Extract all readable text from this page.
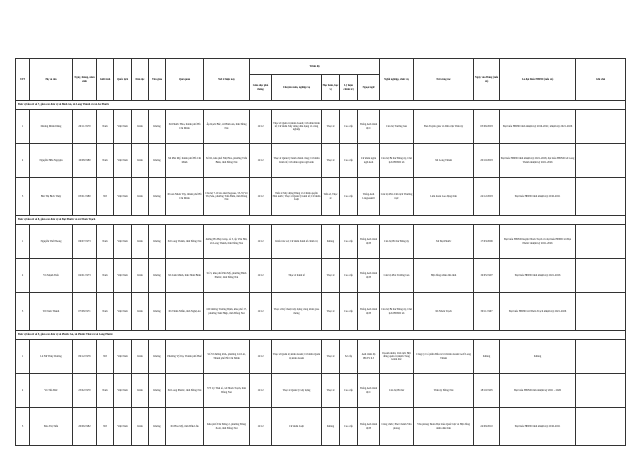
STT	Họ và tên	Ngày, tháng, năm sinh	Giới tính	Quốc tịch	Dân tộc	Tôn giáo	Quê quán	Nơi ở hiện nay	Trình độ					Nghề nghiệp, chức vụ	Nơi công tác	Ngày vào Đảng (nếu có)	Là đại biểu HĐND (nếu có)	Ghi chú
									Giáo dục phổ thông	Chuyên môn, nghiệp vụ	Học hàm, học vị	Lý luận chính trị	Ngoại ngữ					
Đơn vị bầu cử số 7, gồm các đơn vị xã Bình An, xã Long Thành và xã An Phước																		
1	Dương Minh Dũng	26/11/1970	Nam	Việt Nam	Kinh	Không	Xã Phước Hòa, thành phố Hồ Chí Minh	Ấp Rạch Bắc, xã Bình An, tỉnh Đồng Nai	12/12	Thạc sĩ Quản trị kinh doanh; Cử nhân Kinh tế; Cử nhân Xây dựng dân dụng và công nghiệp	Thạc sĩ	Cao cấp	Tiếng Anh trình độ C	Cán bộ Trường ban	Ban Tuyên giáo và Dân vận Tỉnh ủy	03/06/2003	Đại biểu HĐND tỉnh nhiệm kỳ 2016-2021; nhiệm kỳ 2021-2026	
2	Nguyễn Hữu Nguyện	10/08/1980	Nam	Việt Nam	Kinh	Không	Xã Phú Mỹ, thành phố Hồ Chí Minh	Số 62, khu phố Nhị Hòa, phường Trấn Biên, tỉnh Đồng Nai	12/12	Thạc sĩ Quản lý hành chính công; Cử nhân Kinh tế; Cử nhân ngôn ngữ Anh	Thạc sĩ	Cao cấp	Cử nhân ngôn ngữ Anh	Cán bộ Bí thư Đảng ủy, Chủ tịch HĐND xã	Xã Long Thành	20/10/2003	Đại biểu HĐND tỉnh nhiệm kỳ 2021-2026; đại biểu HĐND xã Long Thành nhiệm kỳ 2021-2026	
3	Bùi Thị Bích Thủy	03/01/1980	Nữ	Việt Nam	Kinh	Không	Xã An Nhơn Tây, thành phố Hồ Chí Minh	Căn hộ 7.10 tòa nhà Pegasus, 53-55 Võ Thị Sáu, phường Trấn Biên, tỉnh Đồng Nai	12/12	Tiến sĩ Xây dựng Đảng và Chính quyền Nhà nước; Thạc sĩ Quản lý kinh tế; Cử nhân Luật	Tiến sĩ, Thạc sĩ	Cao cấp	Tiếng Anh Linguaskill	Cán bộ Phó Chủ tịch Thường trực	Liên đoàn Lao động tỉnh	24/12/2003	Đại biểu HĐND tỉnh nhiệm kỳ 2016-2021	
Đơn vị bầu cử số 8, gồm các đơn vị xã Đại Phước và xã Nhơn Trạch																		
1	Nguyễn Thế Phong	06/07/1973	Nam	Việt Nam	Kinh	Không	Xã Long Thành, tỉnh Đồng Nai	đường Hà Huy Giáp, tổ 5, ấp Văn Hải, xã Long Thành, tỉnh Đồng Nai	12/12	Kiến trúc sư; Cử nhân Kinh tế chính trị	Không	Cao cấp	Tiếng Anh trình độ B	Cán bộ Bí thư Đảng ủy	Xã Đại Phước	17/03/2006	Đại biểu HĐND huyện Nhơn Trạch và đại biểu HĐND xã Đại Phước nhiệm kỳ 2021-2026	
2	Võ Mạnh Tiến	04/01/1973	Nam	Việt Nam	Kinh	Không	Xã Liên Minh, tỉnh Ninh Bình	Số 3, khu phố Phú Mỹ, phường Bình Phước, tỉnh Đồng Nai	12/12	Thạc sĩ Kinh tế	Thạc sĩ	Cao cấp	Tiếng Anh trình độ B	Cán bộ Phó Trưởng ban	Hội đồng nhân dân tỉnh	19/05/1997	Đại biểu HĐND tỉnh nhiệm kỳ 2021-2026	
3	Từ Nam Thành	07/08/1971	Nam	Việt Nam	Kinh	Không	Xã Thiên Nhẫn, tỉnh Nghệ An	169 đường Trương Định, khu phố 17, phường Tam Hiệp, tỉnh Đồng Nai	12/12	Thạc sĩ Kỹ thuật xây dựng công trình giao thông	Thạc sĩ	Cao cấp	Tiếng Anh trình độ B	Cán bộ Bí thư Đảng ủy, Chủ tịch HĐND xã	Xã Nhơn Trạch	30/11/1997	Đại biểu HĐND xã Nhơn Trạch nhiệm kỳ 2021-2026	
Đơn vị bầu cử số 9, gồm các đơn vị xã Phước An, xã Phước Thái và xã Long Phước																		
1	Lê Nữ Thùy Dương	09/12/1976	Nữ	Việt Nam	Kinh	Không	Phường Vỹ Dạ, Thành phố Huế	Số 33 đường 49A, phường Cát Lái, Thành phố Hồ Chí Minh	12/12	Thạc sĩ Quản trị kinh doanh; Cử nhân Quản trị kinh doanh	Thạc sĩ	Sơ cấp	Anh trình độ IELTS 6.5	Doanh nhân; Chủ tịch Hội đồng quản trị kiêm Tổng Giám đốc	Công ty Cổ phần Đầu tư và Kinh doanh Golf Long Thành	Không	Không	
2	Võ Tấn Đức	25/02/1970	Nam	Việt Nam	Kinh	Không	Xã Long Phước, tỉnh Đồng Nai	375 Lý Thái tổ, xã Nhơn Trạch, tỉnh Đồng Nai	12/12	Thạc sĩ Quản lý xây dựng	Thạc sĩ	Cao cấp	Tiếng Anh trình độ C	Cán bộ Bí thư	Tỉnh ủy Đồng Nai	18/10/1995	Đại biểu HĐND tỉnh nhiệm kỳ 2021 - 2026	
3	Đào Thị Tiến	20/06/1982	Nữ	Việt Nam	Kinh	Không	Xã Hòa Mỹ, tỉnh Đắk Lắk	Khu phố Tân Đông 2, phường Đông Xoài, tỉnh Đồng Nai	12/12	Cử nhân Luật	Không	Cao cấp	Tiếng Anh trình độ B	Công chức; Phó Chánh Văn phòng	Văn phòng Đoàn Đại biểu Quốc hội và Hội đồng nhân dân tỉnh	24/09/2010	Đại biểu HĐND tỉnh nhiệm kỳ 2016-2021	
